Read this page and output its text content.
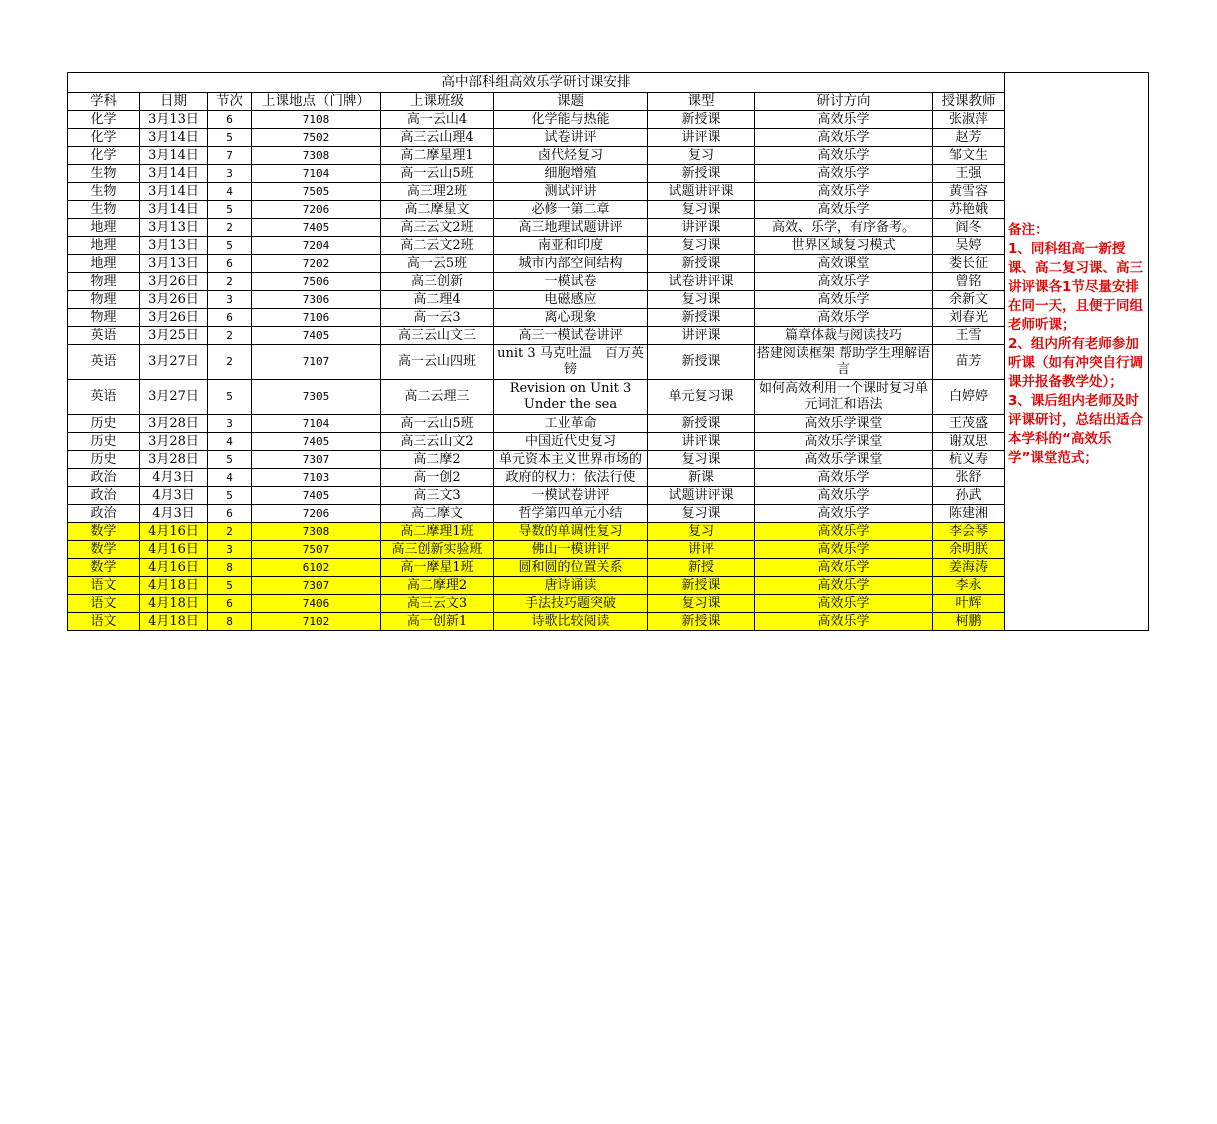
高中部科组高效乐学研讨课安排									备注：
1、同科组高一新授课、高二复习课、高三讲评课各1节尽量安排在同一天，且便于同组老师听课；
2、组内所有老师参加听课（如有冲突自行调课并报备教学处）；
3、课后组内老师及时评课研讨，总结出适合本学科的“高效乐学”课堂范式；

学科	日期	节次	上课地点（门牌）	上课班级	课题	课型	研讨方向	授课教师	
化学	3月13日	6	7108	高一云山4	化学能与热能	新授课	高效乐学	张淑萍	
化学	3月14日	5	7502	高三云山理4	试卷讲评	讲评课	高效乐学	赵芳	
化学	3月14日	7	7308	高二摩星理1	卤代烃复习	复习	高效乐学	邹文生	
生物	3月14日	3	7104	高一云山5班	细胞增殖	新授课	高效乐学	王强	
生物	3月14日	4	7505	高三理2班	测试评讲	试题讲评课	高效乐学	黄雪容	
生物	3月14日	5	7206	高二摩星文	必修一第二章	复习课	高效乐学	苏艳娥	
地理	3月13日	2	7405	高三云文2班	高三地理试题讲评	讲评课	高效、乐学，有序备考。	阎冬	
地理	3月13日	5	7204	高二云文2班	南亚和印度	复习课	世界区域复习模式	吴婷	
地理	3月13日	6	7202	高一云5班	城市内部空间结构	新授课	高效课堂	娄长征	
物理	3月26日	2	7506	高三创新	一模试卷	试卷讲评课	高效乐学	曾铭	
物理	3月26日	3	7306	高二理4	电磁感应	复习课	高效乐学	余新文	
物理	3月26日	6	7106	高一云3	离心现象	新授课	高效乐学	刘春光	
英语	3月25日	2	7405	高三云山文三	高三一模试卷讲评	讲评课	篇章体裁与阅读技巧	王雪	
英语	3月27日	2	7107	高一云山四班	unit 3 马克吐温　百万英镑	新授课	搭建阅读框架 帮助学生理解语言	苗芳	
英语	3月27日	5	7305	高二云理三	Revision on Unit 3 Under the sea	单元复习课	如何高效利用一个课时复习单元词汇和语法	白婷婷	
历史	3月28日	3	7104	高一云山5班	工业革命	新授课	高效乐学课堂	王茂盛	
历史	3月28日	4	7405	高三云山文2	中国近代史复习	讲评课	高效乐学课堂	谢双思	
历史	3月28日	5	7307	高二摩2	单元资本主义世界市场的	复习课	高效乐学课堂	杭义寿	
政治	4月3日	4	7103	高一创2	政府的权力：依法行使	新课	高效乐学	张舒	
政治	4月3日	5	7405	高三文3	一模试卷讲评	试题讲评课	高效乐学	孙武	
政治	4月3日	6	7206	高二摩文	哲学第四单元小结	复习课	高效乐学	陈建湘	
数学	4月16日	2	7308	高二摩理1班	导数的单调性复习	复习	高效乐学	李会琴	
数学	4月16日	3	7507	高三创新实验班	佛山一模讲评	讲评	高效乐学	余明朕	
数学	4月16日	8	6102	高一摩星1班	圆和圆的位置关系	新授	高效乐学	姜海涛	
语文	4月18日	5	7307	高二摩理2	唐诗诵读	新授课	高效乐学	李永	
语文	4月18日	6	7406	高三云文3	手法技巧题突破	复习课	高效乐学	叶辉	
语文	4月18日	8	7102	高一创新1	诗歌比较阅读	新授课	高效乐学	柯鹏	
